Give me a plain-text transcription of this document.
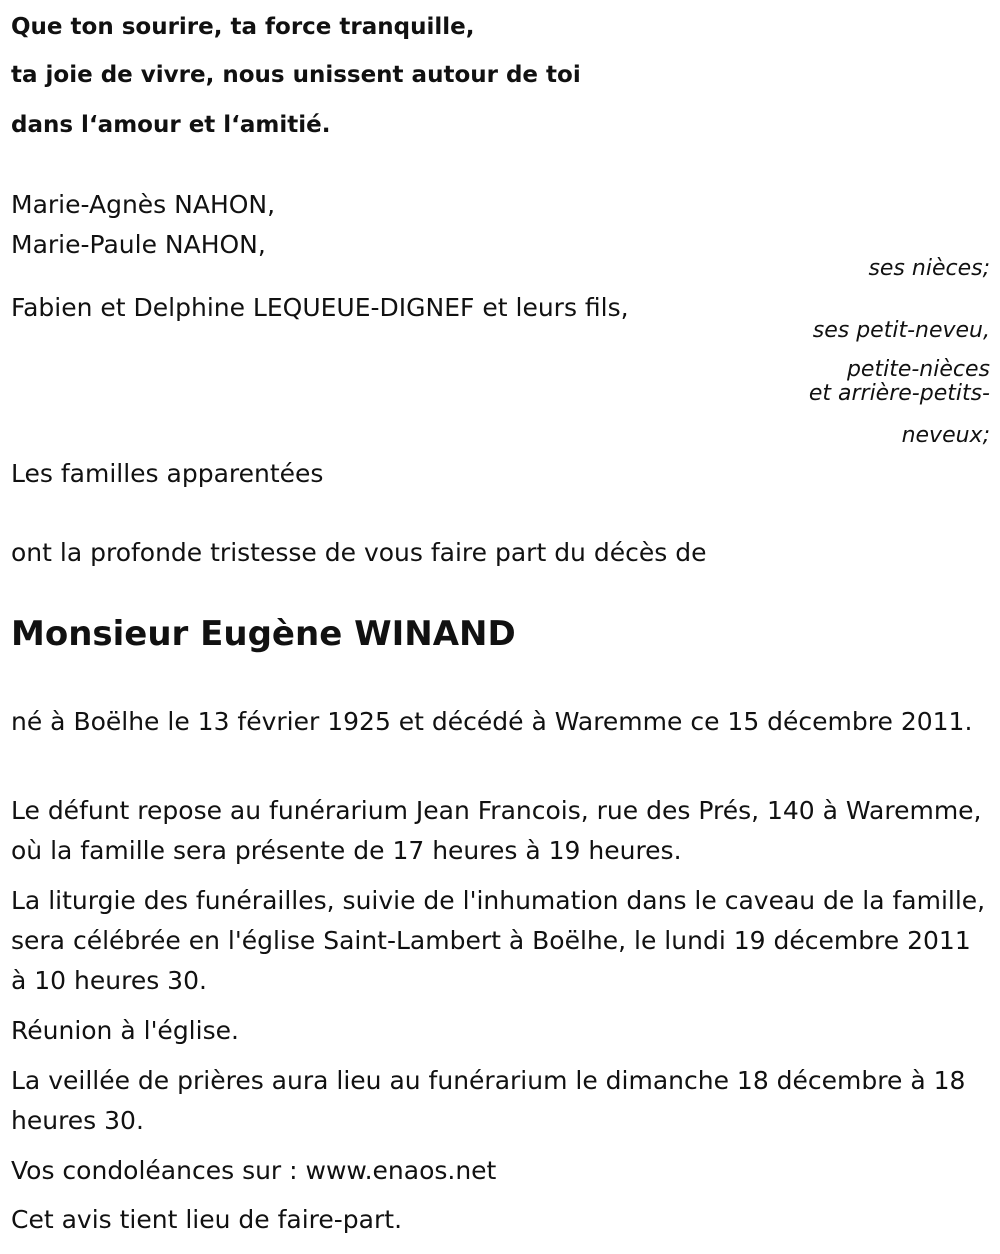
Que ton sourire, ta force tranquille,
ta joie de vivre, nous unissent autour de toi
dans l‘amour et l‘amitié.
Marie-Agnès NAHON,
Marie-Paule NAHON,
ses nièces;
Fabien et Delphine LEQUEUE-DIGNEF et leurs fils,
ses petit-neveu,
petite-nièces
et arrière-petits-
neveux;
Les familles apparentées
ont la profonde tristesse de vous faire part du décès de
Monsieur Eugène WINAND
né à Boëlhe le 13 février 1925 et décédé à Waremme ce 15 décembre 2011.
Le défunt repose au funérarium Jean Francois, rue des Prés, 140 à Waremme, où la famille sera présente de 17 heures à 19 heures.
La liturgie des funérailles, suivie de l'inhumation dans le caveau de la famille, sera célébrée en l'église Saint-Lambert à Boëlhe, le lundi 19 décembre 2011 à 10 heures 30.
Réunion à l'église.
La veillée de prières aura lieu au funérarium le dimanche 18 décembre à 18 heures 30.
Vos condoléances sur : www.enaos.net
Cet avis tient lieu de faire-part.
